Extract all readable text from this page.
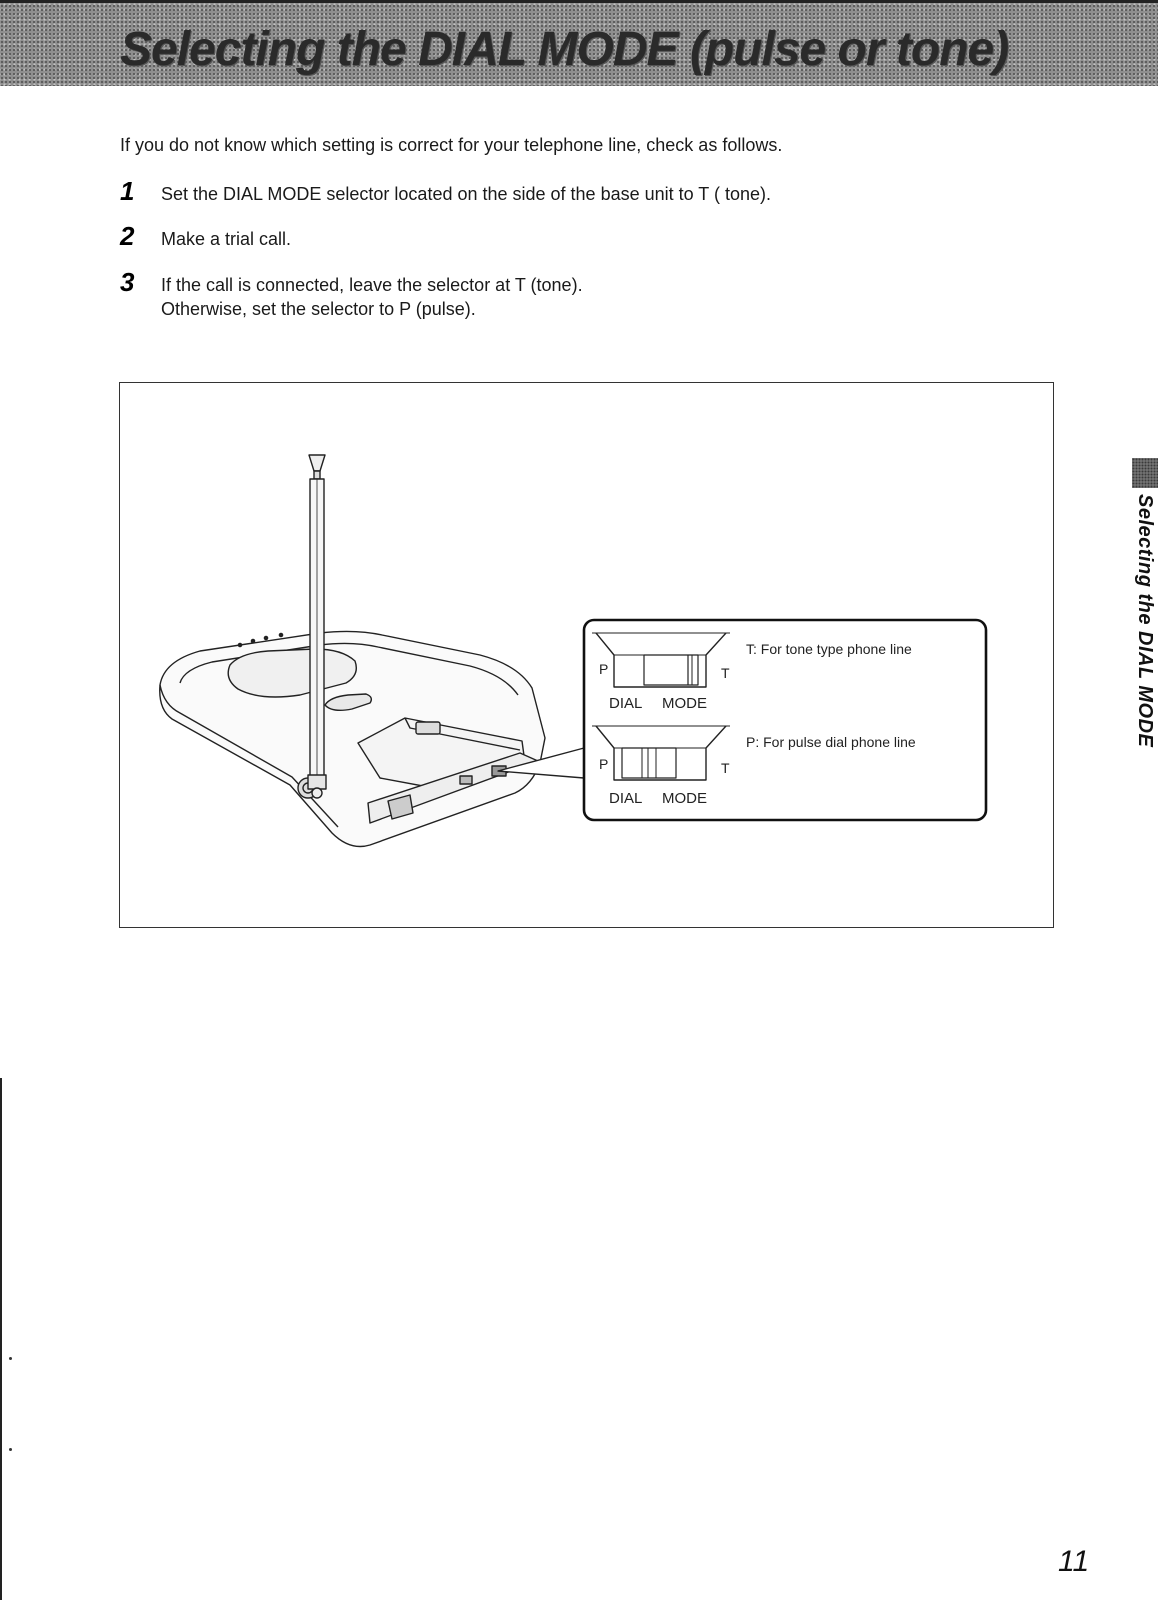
Selecting the DIAL MODE (pulse or tone)
If you do not know which setting is correct for your telephone line, check as follows.
1 Set the DIAL MODE selector located on the side of the base unit to T ( tone).
2 Make a trial call.
3 If the call is connected, leave the selector at T (tone).
Otherwise, set the selector to P (pulse).
P	T
DIAL MODE
T: For tone type phone line
P	T
DIAL MODE
P: For pulse dial phone line	Selecting the DIAL MODE
11
